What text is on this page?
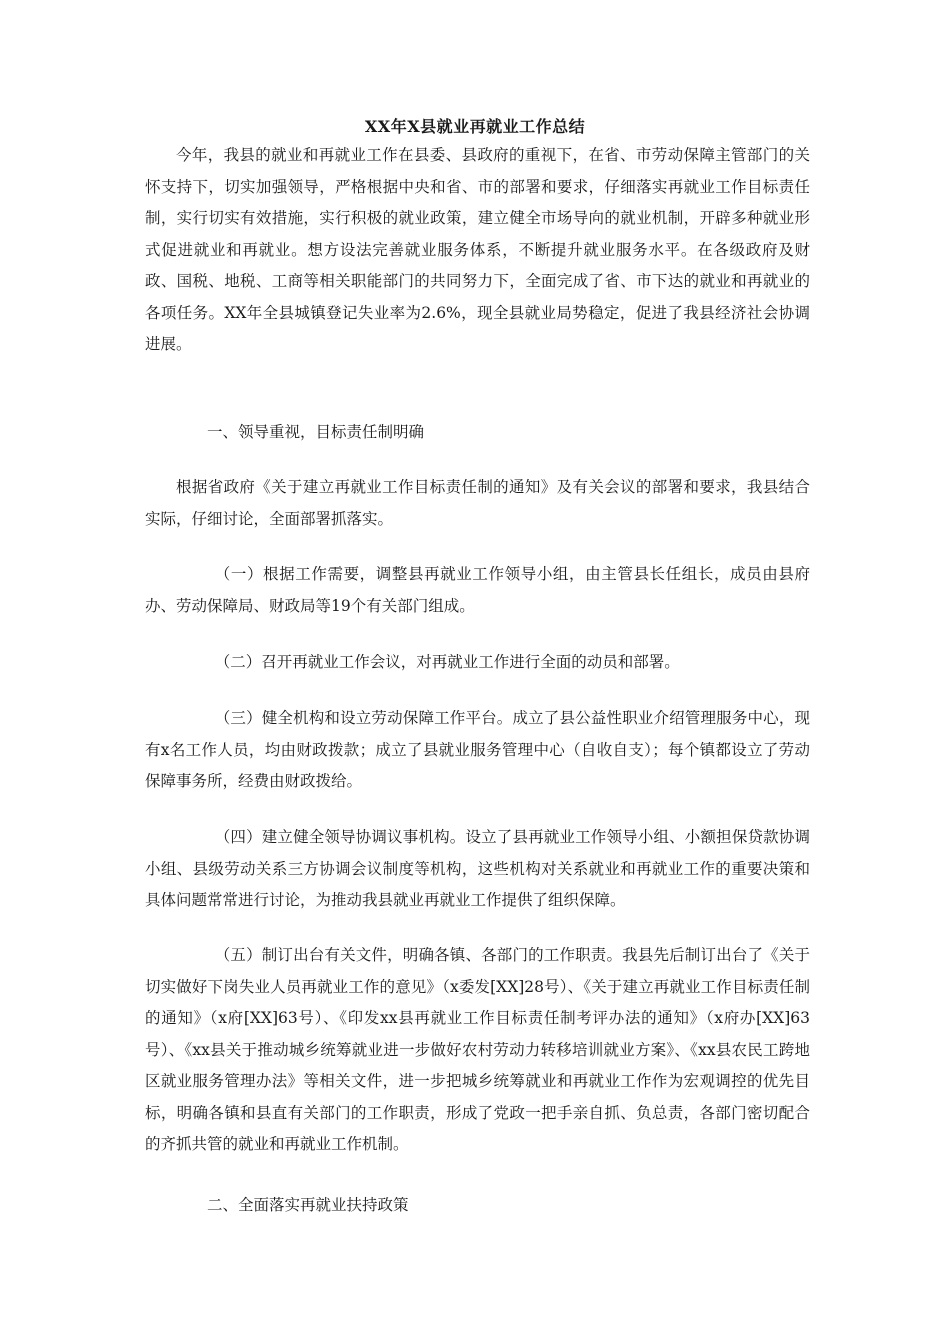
XX年X县就业再就业工作总结

今年，我县的就业和再就业工作在县委、县政府的重视下，在省、市劳动保障主管部门的关怀支持下，切实加强领导，严格根据中央和省、市的部署和要求，仔细落实再就业工作目标责任制，实行切实有效措施，实行积极的就业政策，建立健全市场导向的就业机制，开辟多种就业形式促进就业和再就业。想方设法完善就业服务体系，不断提升就业服务水平。在各级政府及财政、国税、地税、工商等相关职能部门的共同努力下，全面完成了省、市下达的就业和再就业的各项任务。XX年全县城镇登记失业率为2.6%，现全县就业局势稳定，促进了我县经济社会协调进展。

一、领导重视，目标责任制明确

根据省政府《关于建立再就业工作目标责任制的通知》及有关会议的部署和要求，我县结合实际，仔细讨论，全面部署抓落实。

（一）根据工作需要，调整县再就业工作领导小组，由主管县长任组长，成员由县府办、劳动保障局、财政局等19个有关部门组成。

（二）召开再就业工作会议，对再就业工作进行全面的动员和部署。

（三）健全机构和设立劳动保障工作平台。成立了县公益性职业介绍管理服务中心，现有x名工作人员，均由财政拨款；成立了县就业服务管理中心（自收自支）；每个镇都设立了劳动保障事务所，经费由财政拨给。

（四）建立健全领导协调议事机构。设立了县再就业工作领导小组、小额担保贷款协调小组、县级劳动关系三方协调会议制度等机构，这些机构对关系就业和再就业工作的重要决策和具体问题常常进行讨论，为推动我县就业再就业工作提供了组织保障。

（五）制订出台有关文件，明确各镇、各部门的工作职责。我县先后制订出台了《关于切实做好下岗失业人员再就业工作的意见》（x委发[XX]28号）、《关于建立再就业工作目标责任制的通知》（x府[XX]63号）、《印发xx县再就业工作目标责任制考评办法的通知》（x府办[XX]63号）、《xx县关于推动城乡统筹就业进一步做好农村劳动力转移培训就业方案》、《xx县农民工跨地区就业服务管理办法》等相关文件，进一步把城乡统筹就业和再就业工作作为宏观调控的优先目标，明确各镇和县直有关部门的工作职责，形成了党政一把手亲自抓、负总责，各部门密切配合的齐抓共管的就业和再就业工作机制。

二、全面落实再就业扶持政策
